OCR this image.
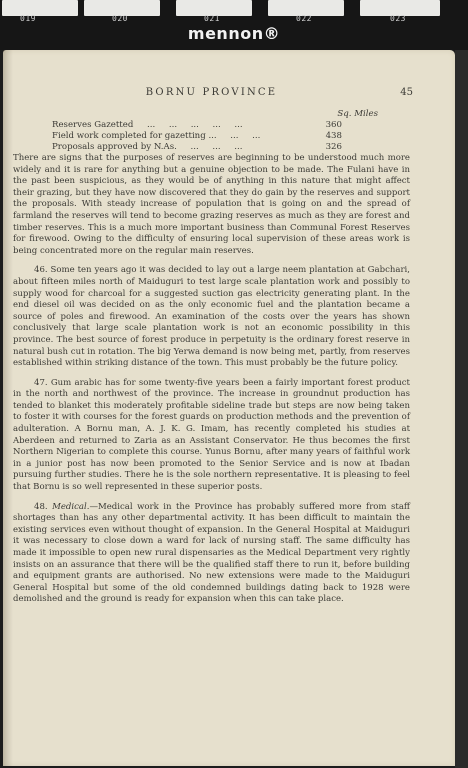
019	020	021	022	023
mennon®
BORNU PROVINCE	45
Sq. Miles
Reserves Gazetted     ...     ...     ...     ...     ...	360
Field work completed for gazetting ...     ...     ...	438
Proposals approved by N.As.     ...     ...     ...	326

There are signs that the purposes of reserves are beginning to be understood much more widely and it is rare for anything but a genuine objection to be made. The Fulani have in the past been suspicious, as they would be of anything in this nature that might affect their grazing, but they have now discovered that they do gain by the reserves and support the proposals. With steady increase of population that is going on and the spread of farmland the reserves will tend to become grazing reserves as much as they are forest and timber reserves. This is a much more important business than Communal Forest Reserves for firewood. Owing to the difficulty of ensuring local supervision of these areas work is being concentrated more on the regular main reserves.

46. Some ten years ago it was decided to lay out a large neem plantation at Gabchari, about fifteen miles north of Maiduguri to test large scale plantation work and possibly to supply wood for charcoal for a suggested suction gas electricity generating plant. In the end diesel oil was decided on as the only economic fuel and the plantation became a source of poles and firewood. An examination of the costs over the years has shown conclusively that large scale plantation work is not an economic possibility in this province. The best source of forest produce in perpetuity is the ordinary forest reserve in natural bush cut in rotation. The big Yerwa demand is now being met, partly, from reserves established within striking distance of the town. This must probably be the future policy.

47. Gum arabic has for some twenty-five years been a fairly important forest product in the north and northwest of the province. The increase in groundnut production has tended to blanket this moderately profitable sideline trade but steps are now being taken to foster it with courses for the forest guards on production methods and the prevention of adulteration. A Bornu man, A. J. K. G. Imam, has recently completed his studies at Aberdeen and returned to Zaria as an Assistant Conservator. He thus becomes the first Northern Nigerian to complete this course. Yunus Bornu, after many years of faithful work in a junior post has now been promoted to the Senior Service and is now at Ibadan pursuing further studies. There he is the sole northern representative. It is pleasing to feel that Bornu is so well represented in these superior posts.

48. Medical.—Medical work in the Province has probably suffered more from staff shortages than has any other departmental activity. It has been difficult to maintain the existing services even without thought of expansion. In the General Hospital at Maiduguri it was necessary to close down a ward for lack of nursing staff. The same difficulty has made it impossible to open new rural dispensaries as the Medical Department very rightly insists on an assurance that there will be the qualified staff there to run it, before building and equipment grants are authorised. No new extensions were made to the Maiduguri General Hospital but some of the old condemned buildings dating back to 1928 were demolished and the ground is ready for expansion when this can take place.
